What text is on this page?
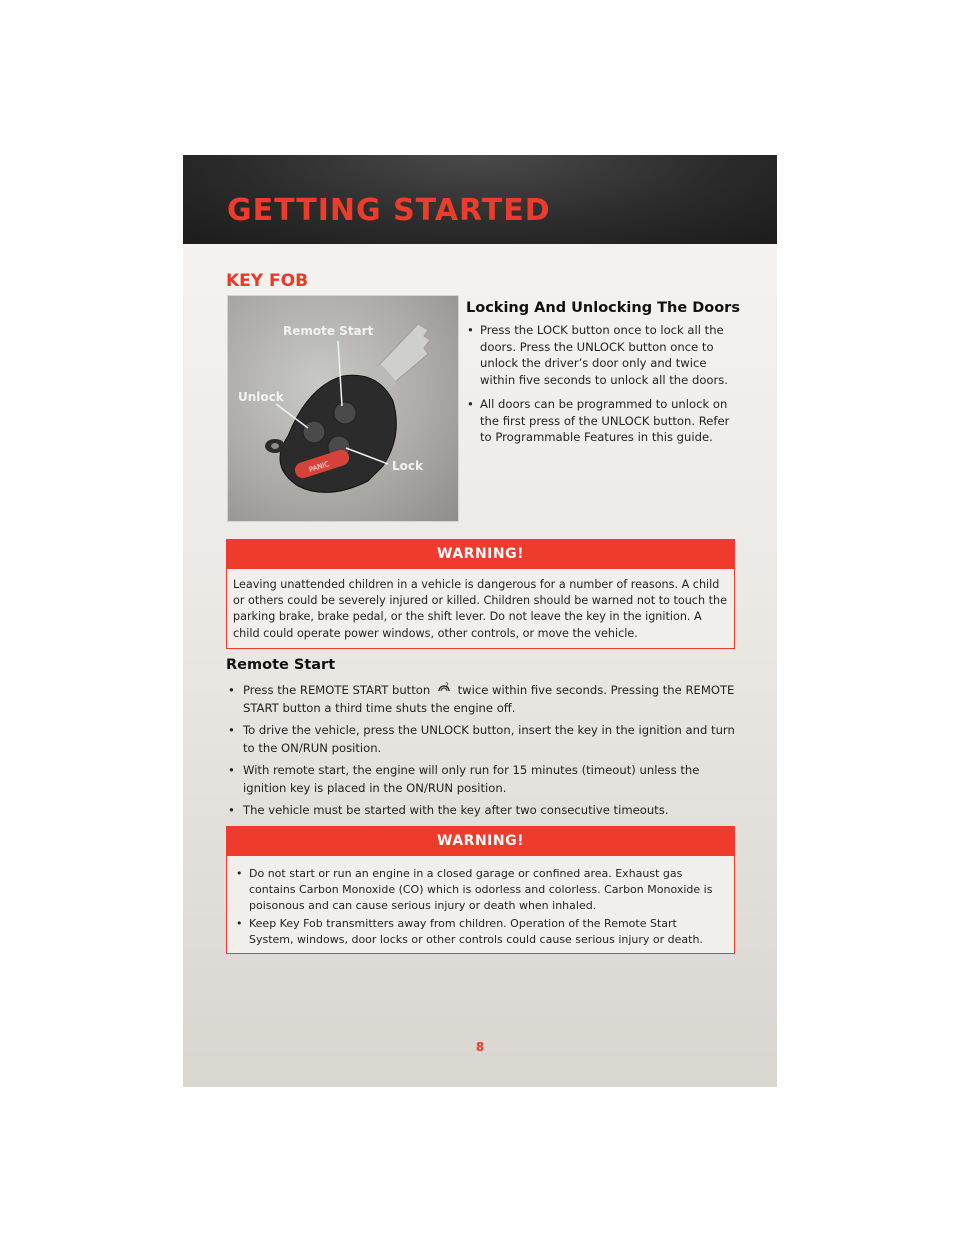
GETTING STARTED
KEY FOB
PANIC
Remote Start
Unlock
Lock
Locking And Unlocking The Doors
• Press the LOCK button once to lock all the doors. Press the UNLOCK button once to unlock the driver’s door only and twice within five seconds to unlock all the doors.
• All doors can be programmed to unlock on the first press of the UNLOCK button. Refer to Programmable Features in this guide.
WARNING!
Leaving unattended children in a vehicle is dangerous for a number of reasons. A child or others could be severely injured or killed. Children should be warned not to touch the parking brake, brake pedal, or the shift lever. Do not leave the key in the ignition. A child could operate power windows, other controls, or move the vehicle.
Remote Start
• Press the REMOTE START button 2 twice within five seconds. Pressing the REMOTE START button a third time shuts the engine off.
• To drive the vehicle, press the UNLOCK button, insert the key in the ignition and turn to the ON/RUN position.
• With remote start, the engine will only run for 15 minutes (timeout) unless the ignition key is placed in the ON/RUN position.
• The vehicle must be started with the key after two consecutive timeouts.
WARNING!
• Do not start or run an engine in a closed garage or confined area. Exhaust gas contains Carbon Monoxide (CO) which is odorless and colorless. Carbon Monoxide is poisonous and can cause serious injury or death when inhaled.
• Keep Key Fob transmitters away from children. Operation of the Remote Start System, windows, door locks or other controls could cause serious injury or death.
8
